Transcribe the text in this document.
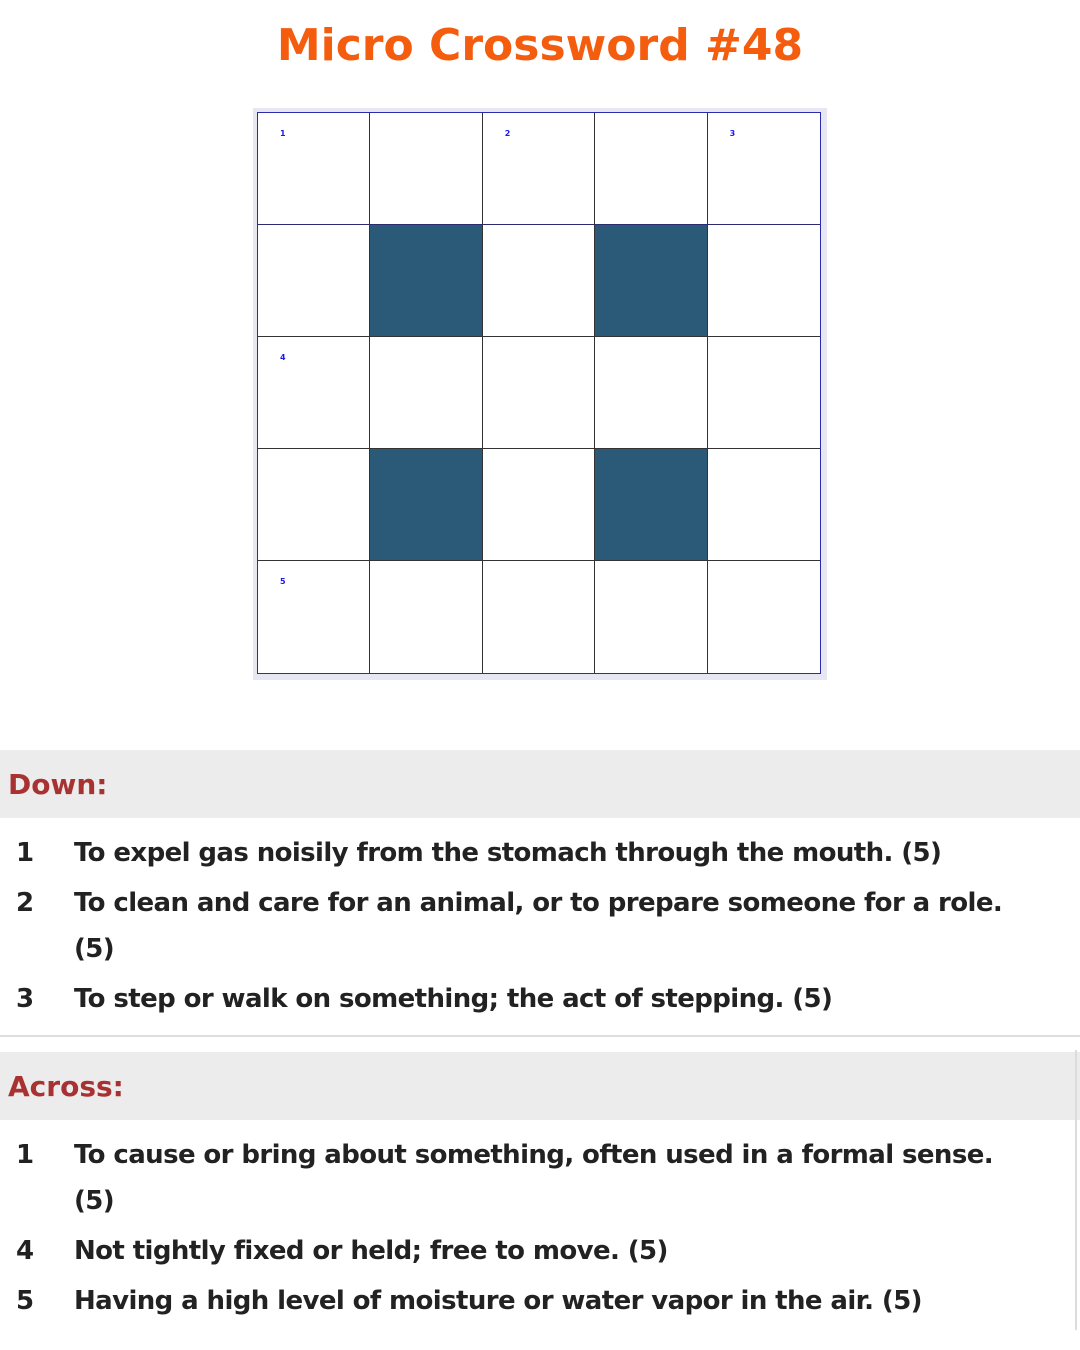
Micro Crossword #48
1	2	3
4
5
Down:
1	To expel gas noisily from the stomach through the mouth. (5)
2	To clean and care for an animal, or to prepare someone for a role. (5)
3	To step or walk on something; the act of stepping. (5)
Across:
1	To cause or bring about something, often used in a formal sense. (5)
4	Not tightly fixed or held; free to move. (5)
5	Having a high level of moisture or water vapor in the air. (5)
